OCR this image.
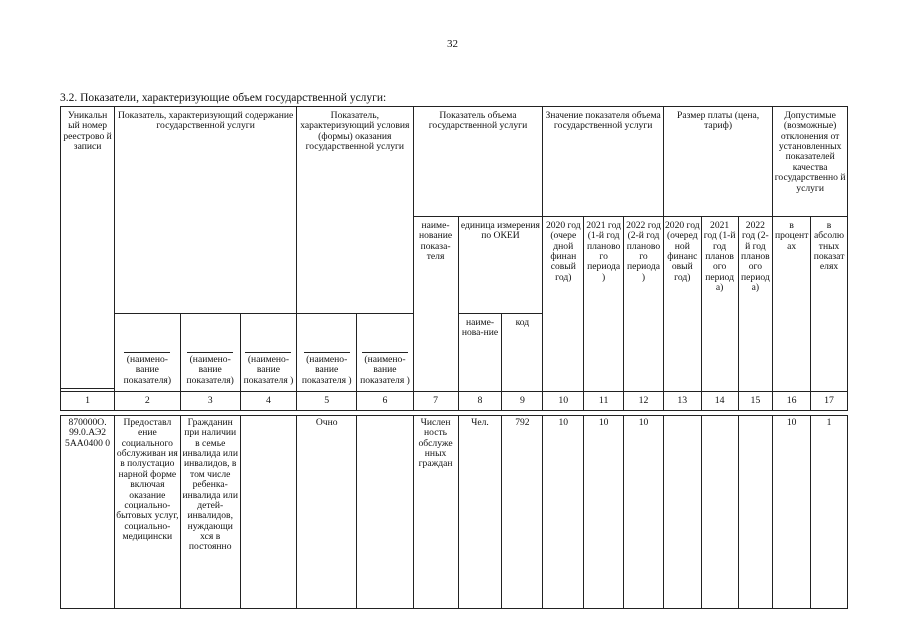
32
3.2. Показатели, характеризующие объем государственной услуги:
Уникальн ый номер реестрово й записи	Показатель, характеризующий содержание государственной услуги			Показатель, характеризующий условия (формы) оказания государственной услуги		Показатель объема государственной услуги			Значение показателя объема государственной услуги			Размер платы (цена, тариф)			Допустимые (возможные) отклонения от установленных показателей качества государственно й услуги	
						наиме-нование показа-теля	единица измерения по ОКЕИ		2020 год (очере дной финан совый год)	2021 год (1-й год планово го периода )	2022 год (2-й год планово го периода )	2020 год (очеред ной финанс овый год)	2021 год (1-й год планов ого период а)	2022 год (2-й год планов ого период а)	в процент ах	в абсолю тных показат елях

	(наимено-вание показателя)	(наимено-вание показателя)	(наимено-вание показателя )	(наимено-вание показателя )	(наимено-вание показателя )		наиме-нова-ние	код								

1	2	3	4	5	6	7	8	9	10	11	12	13	14	15	16	17

870000О. 99.0.АЭ2 5АА0400 0	Предоставл ение социального обслуживан ия в полустацио нарной форме включая оказание социально-бытовых услуг, социально-медицински	Гражданин при наличии в семье инвалида или инвалидов, в том числе ребенка-инвалида или детей-инвалидов, нуждающи хся в постоянно		Очно		Числен ность обслуже нных граждан	Чел.	792	10	10	10				10	1
